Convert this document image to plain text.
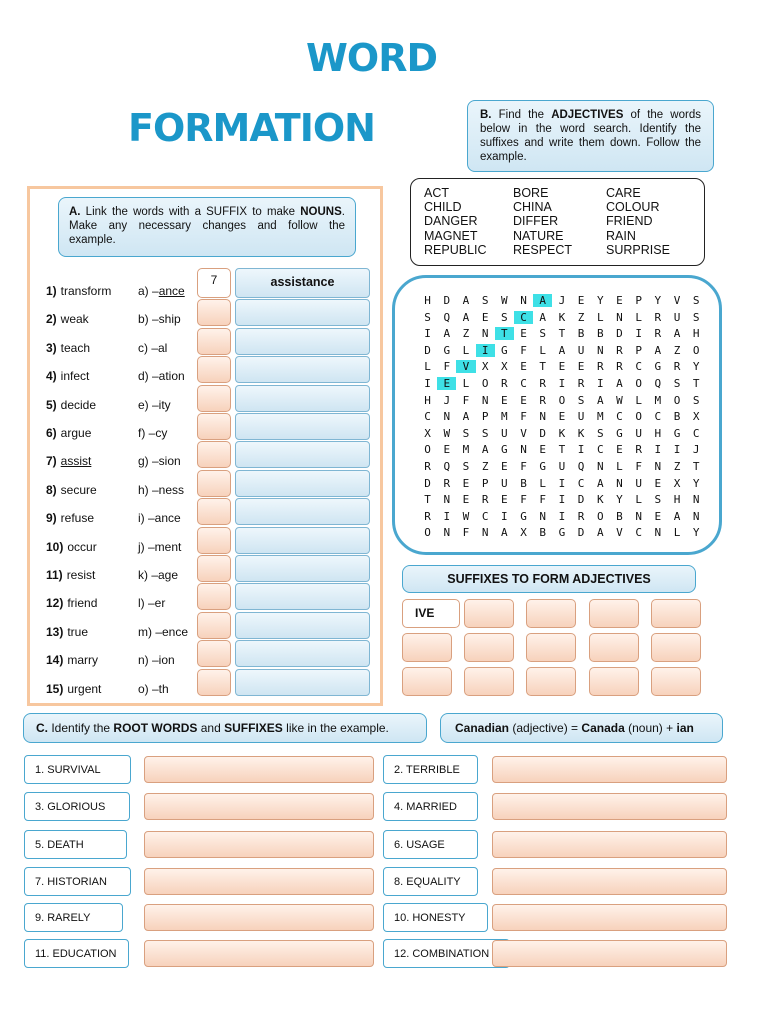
WORD
FORMATION
A. Link the words with a SUFFIX to make NOUNS. Make any necessary changes and follow the example.
1) transform a) –ance
7	assistance
2) weak	b) –ship
3) teach	c) –al
4) infect	d) –ation
5) decide	e) –ity
6) argue	f) –cy
7) assist	g) –sion
8) secure	h) –ness
9) refuse	i) –ance
10) occur	j) –ment
11) resist	k) –age
12) friend	l) –er
13) true	m) –ence
14) marry	n) –ion
15) urgent	o) –th
B. Find the ADJECTIVES of the words below in the word search. Identify the suffixes and write them down. Follow the example.
ACT
CHILD
DANGER
MAGNET
REPUBLIC
BORE
CHINA
DIFFER
NATURE
RESPECT
CARE
COLOUR
FRIEND
RAIN
SURPRISE
H D A S W N A J E Y E P Y V S
S Q A E S C A K Z L N L R U S
I A Z N T E S T B B D I R A H
D G L I G F L A U N R P A Z O
L F V X X E T E E R R C G R Y
I E L O R C R I R I A O Q S T
H J F N E E R O S A W L M O S
C N A P M F N E U M C O C B X
X W S S U V D K K S G U H G C
O E M A G N E T I C E R I I J
R Q S Z E F G U Q N L F N Z T
D R E P U B L I C A N U E X Y
T N E R E F F I D K Y L S H N
R I W C I G N I R O B N E A N
O N F N A X B G D A V C N L Y
SUFFIXES TO FORM ADJECTIVES
IVE
C. Identify the ROOT WORDS and SUFFIXES like in the example.	Canadian (adjective) = Canada (noun) + ian
1. SURVIVAL	2. TERRIBLE
3. GLORIOUS	4. MARRIED
5. DEATH	6. USAGE
7. HISTORIAN	8. EQUALITY
9. RARELY	10. HONESTY
11. EDUCATION	12. COMBINATION
